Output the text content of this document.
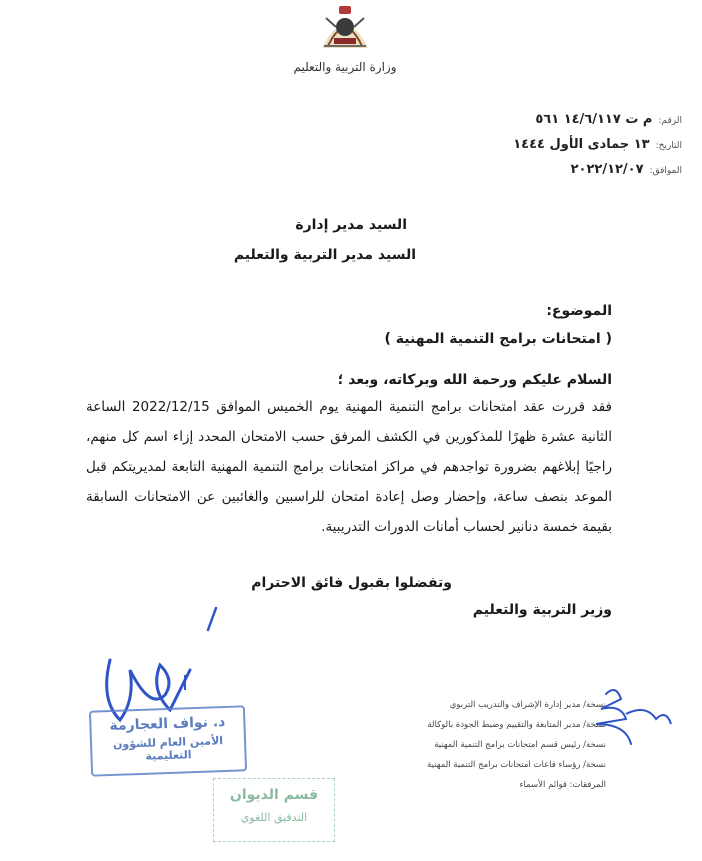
وزارة التربية والتعليم
الرقم:
م ت ١٤/٦/١١٧ ٥٦١
التاريخ:
١٣ جمادى الأول ١٤٤٤
الموافق:
٢٠٢٢/١٢/٠٧
السيد مدير إدارة
السيد مدير التربية والتعليم
الموضوع:
( امتحانات برامج التنمية المهنية )
السلام عليكم ورحمة الله وبركاته، وبعد ؛

فقد قررت عقد امتحانات برامج التنمية المهنية يوم الخميس الموافق 2022/12/15 الساعة الثانية عشرة ظهرًا للمذكورين في الكشف المرفق حسب الامتحان المحدد إزاء اسم كل منهم، راجيًا إبلاغهم بضرورة تواجدهم في مراكز امتحانات برامج التنمية المهنية التابعة لمديريتكم قبل الموعد بنصف ساعة، وإحضار وصل إعادة امتحان للراسبين والغائبين عن الامتحانات السابقة بقيمة خمسة دنانير لحساب أمانات الدورات التدريبية.

وتفضلوا بقبول فائق الاحترام
وزير التربية والتعليم
د. نواف العجارمة
الأمين العام للشؤون التعليمية
قسم الديوان
التدقيق اللغوي
نسخة/ مدير إدارة الإشراف والتدريب التربوي
نسخة/ مدير المتابعة والتقييم وضبط الجودة بالوكالة
نسخة/ رئيس قسم امتحانات برامج التنمية المهنية
نسخة/ رؤساء قاعات امتحانات برامج التنمية المهنية
المرفقات: قوائم الأسماء
